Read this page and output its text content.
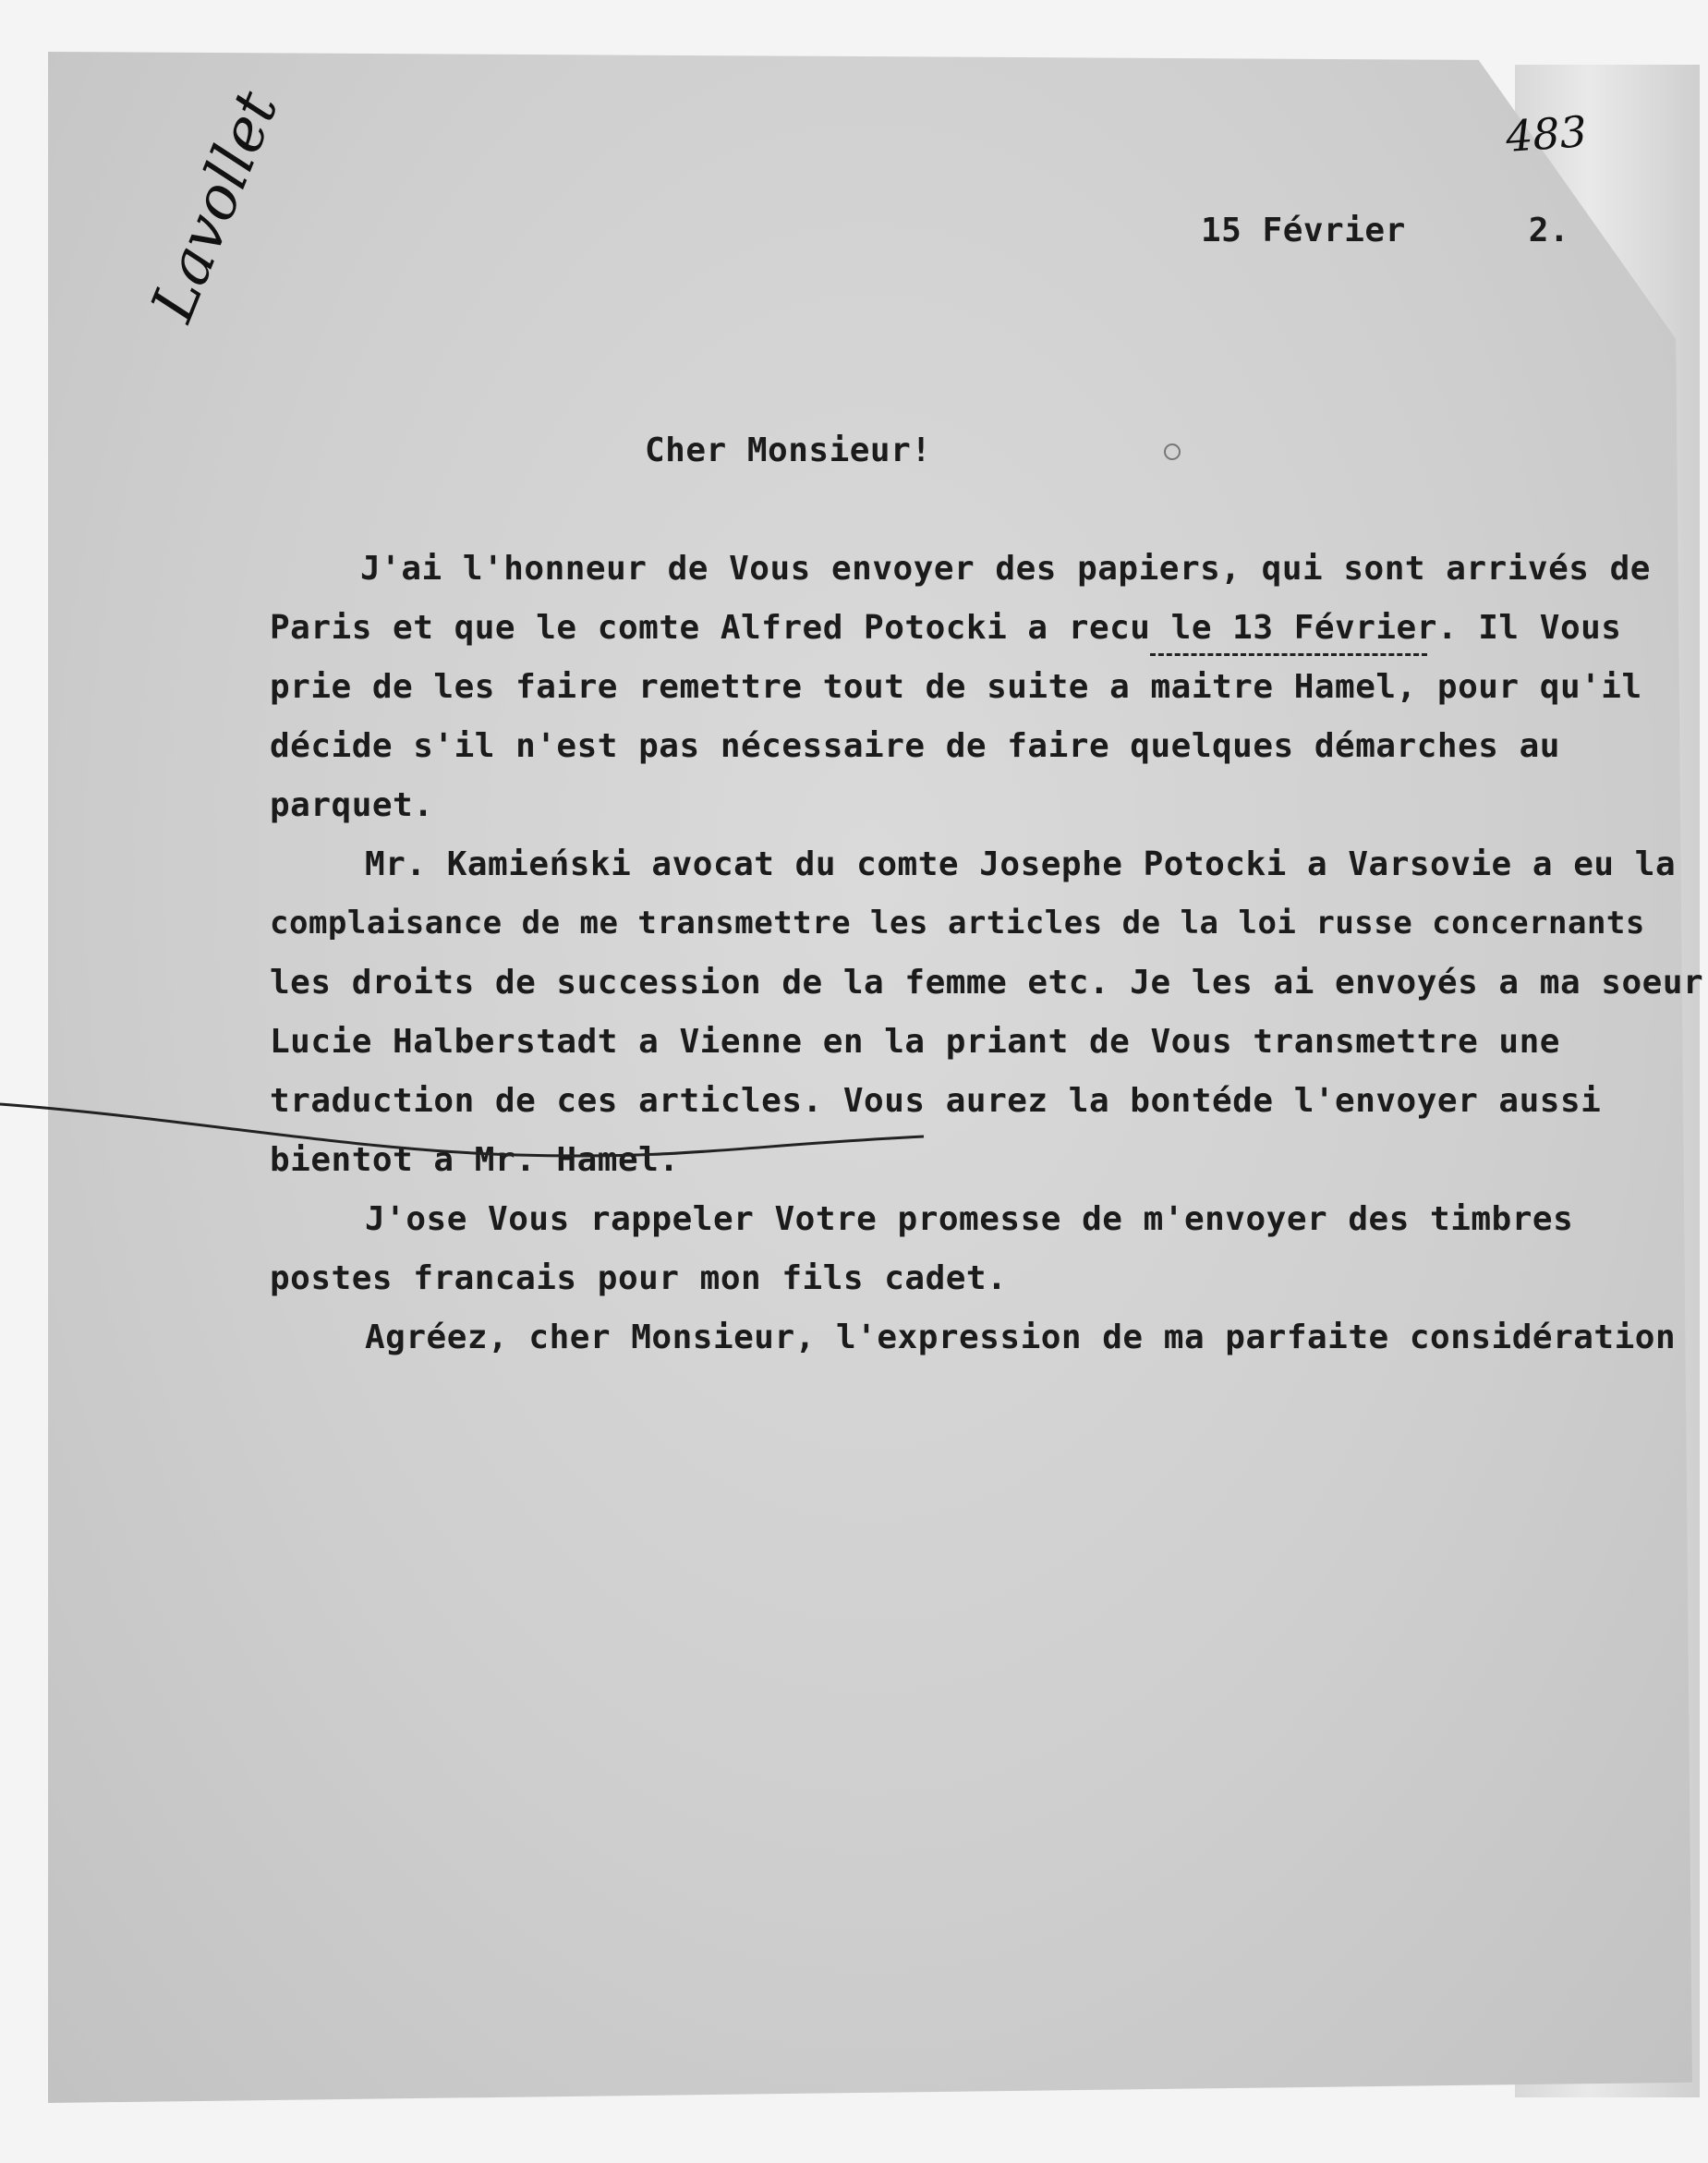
483
Lavollet	15 Février      2.
Cher Monsieur!
J'ai l'honneur de Vous envoyer des papiers, qui sont arrivés de
Paris et que le comte Alfred Potocki a recu le 13 Février. Il Vous
prie de les faire remettre tout de suite a maitre Hamel, pour qu'il
décide s'il n'est pas nécessaire de faire quelques démarches au
parquet.
Mr. Kamieński avocat du comte Josephe Potocki a Varsovie a eu la
complaisance de me transmettre les articles de la loi russe concernants
les droits de succession de la femme etc. Je les ai envoyés a ma soeur
Lucie Halberstadt a Vienne en la priant de Vous transmettre une
traduction de ces articles. Vous aurez la bontéde l'envoyer aussi
bientot a Mr. Hamel.
J'ose Vous rappeler Votre promesse de m'envoyer des timbres
postes francais pour mon fils cadet.
Agréez, cher Monsieur, l'expression de ma parfaite considération
